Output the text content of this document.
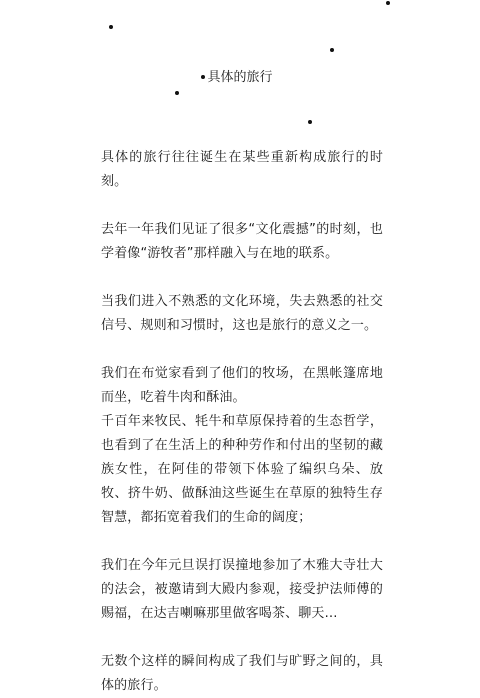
具体的旅行

具体的旅行往往诞生在某些重新构成旅行的时刻。

去年一年我们见证了很多“文化震撼”的时刻，也学着像“游牧者”那样融入与在地的联系。

当我们进入不熟悉的文化环境，失去熟悉的社交信号、规则和习惯时，这也是旅行的意义之一。

我们在布觉家看到了他们的牧场，在黑帐篷席地而坐，吃着牛肉和酥油。

千百年来牧民、牦牛和草原保持着的生态哲学，也看到了在生活上的种种劳作和付出的坚韧的藏族女性，在阿佳的带领下体验了编织乌朵、放牧、挤牛奶、做酥油这些诞生在草原的独特生存智慧，都拓宽着我们的生命的阔度；

我们在今年元旦误打误撞地参加了木雅大寺壮大的法会，被邀请到大殿内参观，接受护法师傅的赐福，在达吉喇嘛那里做客喝茶、聊天…

无数个这样的瞬间构成了我们与旷野之间的，具体的旅行。
